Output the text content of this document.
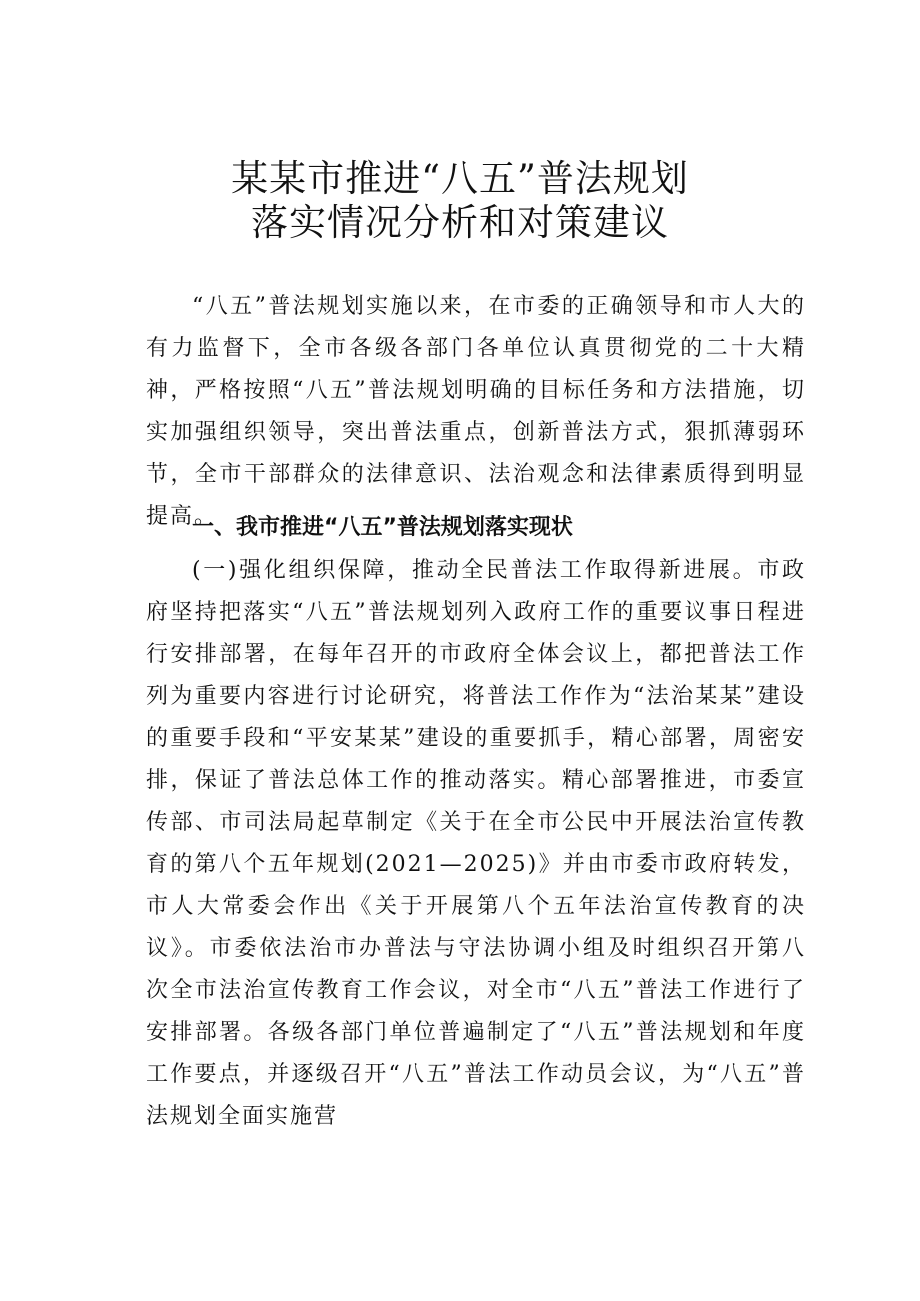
某某市推进“八五”普法规划
落实情况分析和对策建议
“八五”普法规划实施以来，在市委的正确领导和市人大的有力监督下，全市各级各部门各单位认真贯彻党的二十大精神，严格按照“八五”普法规划明确的目标任务和方法措施，切实加强组织领导，突出普法重点，创新普法方式，狠抓薄弱环节，全市干部群众的法律意识、法治观念和法律素质得到明显提高。
一、我市推进“八五”普法规划落实现状
(一)强化组织保障，推动全民普法工作取得新进展。市政府坚持把落实“八五”普法规划列入政府工作的重要议事日程进行安排部署，在每年召开的市政府全体会议上，都把普法工作列为重要内容进行讨论研究，将普法工作作为“法治某某”建设的重要手段和“平安某某”建设的重要抓手，精心部署，周密安排，保证了普法总体工作的推动落实。精心部署推进，市委宣传部、市司法局起草制定《关于在全市公民中开展法治宣传教育的第八个五年规划(2021—2025)》并由市委市政府转发，市人大常委会作出《关于开展第八个五年法治宣传教育的决议》。市委依法治市办普法与守法协调小组及时组织召开第八次全市法治宣传教育工作会议，对全市“八五”普法工作进行了安排部署。各级各部门单位普遍制定了“八五”普法规划和年度工作要点，并逐级召开“八五”普法工作动员会议，为“八五”普法规划全面实施营
